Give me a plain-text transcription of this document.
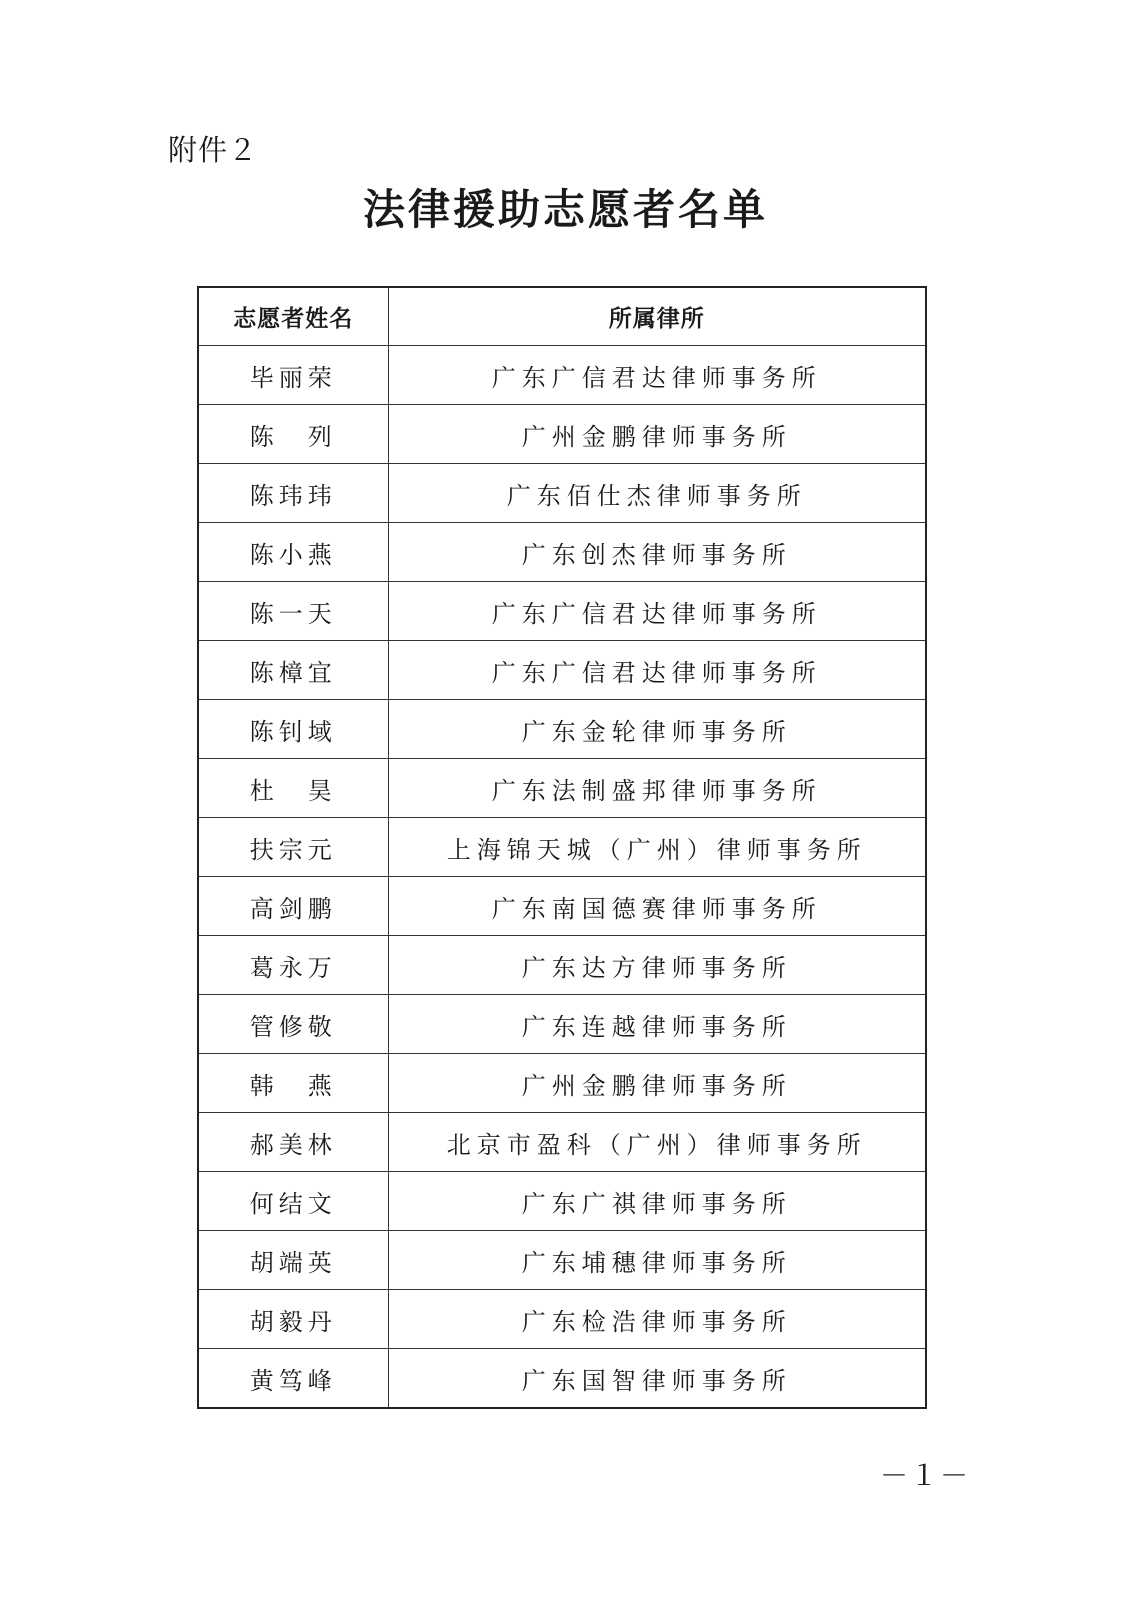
附件２
法律援助志愿者名单
志愿者姓名	所属律所
毕丽荣	广东广信君达律师事务所
陈　列	广州金鹏律师事务所
陈玮玮	广东佰仕杰律师事务所
陈小燕	广东创杰律师事务所
陈一天	广东广信君达律师事务所
陈樟宜	广东广信君达律师事务所
陈钊域	广东金轮律师事务所
杜　昊	广东法制盛邦律师事务所
扶宗元	上海锦天城（广州）律师事务所
高剑鹏	广东南国德赛律师事务所
葛永万	广东达方律师事务所
管修敬	广东连越律师事务所
韩　燕	广州金鹏律师事务所
郝美林	北京市盈科（广州）律师事务所
何结文	广东广祺律师事务所
胡端英	广东埔穗律师事务所
胡毅丹	广东检浩律师事务所
黄笃峰	广东国智律师事务所
－１－
